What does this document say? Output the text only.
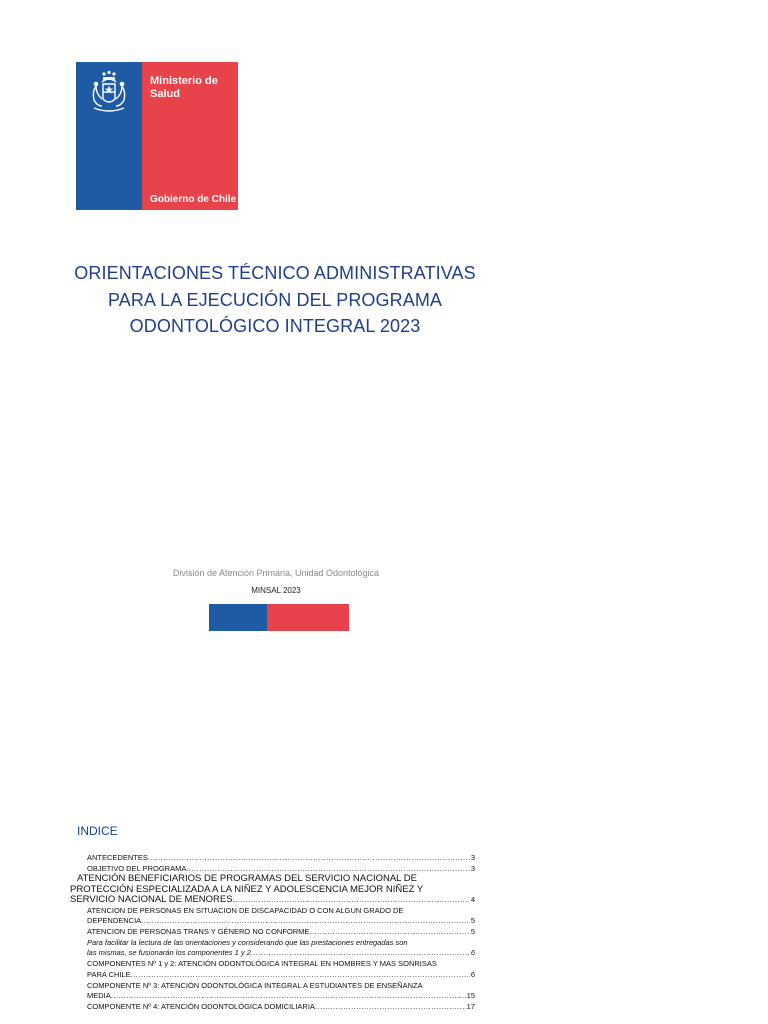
Ministerio de
Salud
Gobierno de Chile
ORIENTACIONES TÉCNICO ADMINISTRATIVAS
PARA LA EJECUCIÓN DEL PROGRAMA
ODONTOLÓGICO INTEGRAL 2023
División de Atención Primaria, Unidad Odontológica
MINSAL 2023
INDICE
ANTECEDENTES .....	3
OBJETIVO DEL PROGRAMA .....	3
ATENCIÓN BENEFICIARIOS DE PROGRAMAS DEL SERVICIO NACIONAL DE
PROTECCIÓN ESPECIALIZADA A LA NIÑEZ Y ADOLESCENCIA MEJOR NIÑEZ Y
SERVICIO NACIONAL DE MENORES. .....	4
ATENCION DE PERSONAS EN SITUACION DE DISCAPACIDAD O CON ALGUN GRADO DE
DEPENDENCIA .....	5
ATENCION DE PERSONAS TRANS Y GÉNERO NO CONFORME .....	5
Para facilitar la lectura de las orientaciones y considerando que las prestaciones entregadas son
las mismas, se fusionarán los componentes 1 y 2 .....	6
COMPONENTES Nº 1 y 2: ATENCIÓN ODONTOLÓGICA INTEGRAL EN HOMBRES Y MAS SONRISAS
PARA CHILE .....	6
COMPONENTE Nº 3: ATENCIÓN ODONTOLÓGICA INTEGRAL A ESTUDIANTES DE ENSEÑANZA
MEDIA .....	15
COMPONENTE Nº 4: ATENCIÓN ODONTOLÓGICA DOMICILIARIA .....	17
